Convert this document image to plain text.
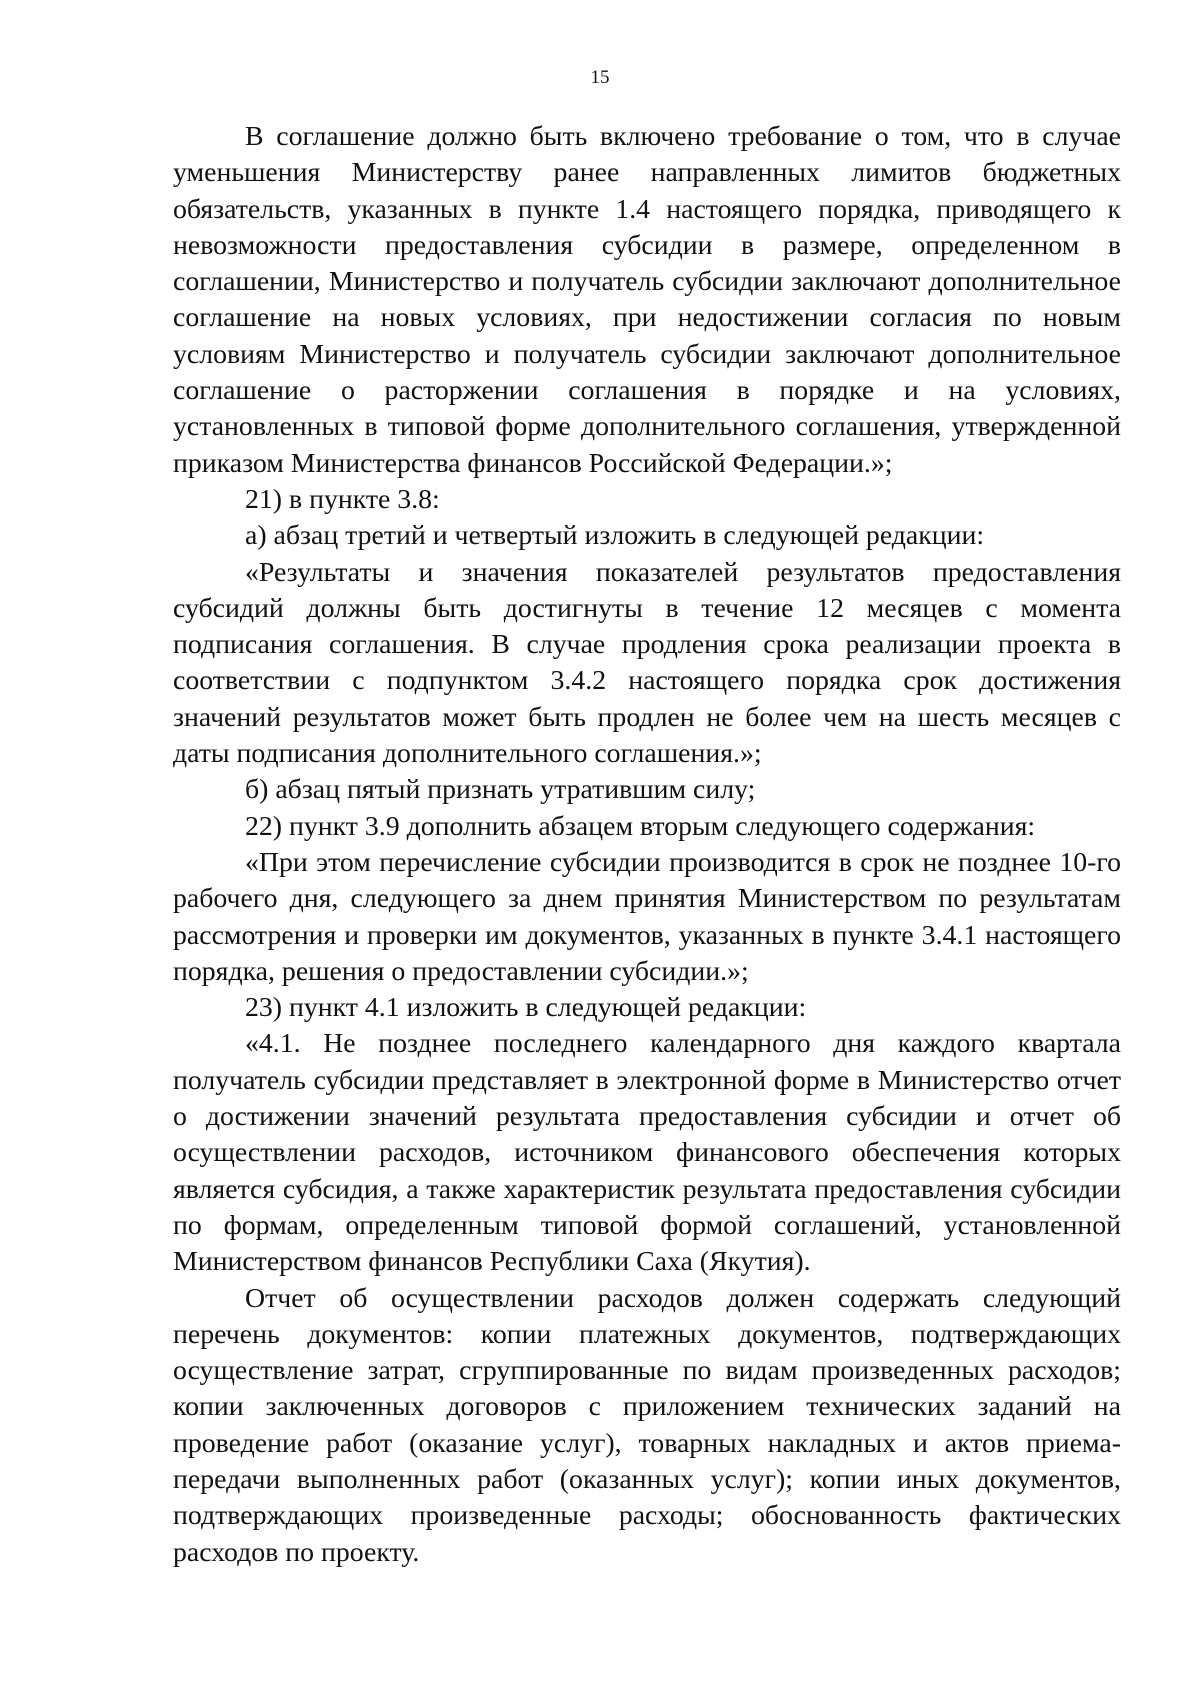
15

В соглашение должно быть включено требование о том, что в случае уменьшения Министерству ранее направленных лимитов бюджетных обязательств, указанных в пункте 1.4 настоящего порядка, приводящего к невозможности предоставления субсидии в размере, определенном в соглашении, Министерство и получатель субсидии заключают дополнительное соглашение на новых условиях, при недостижении согласия по новым условиям Министерство и получатель субсидии заключают дополнительное соглашение о расторжении соглашения в порядке и на условиях, установленных в типовой форме дополнительного соглашения, утвержденной приказом Министерства финансов Российской Федерации.»;

21) в пункте 3.8:

а) абзац третий и четвертый изложить в следующей редакции:

«Результаты и значения показателей результатов предоставления субсидий должны быть достигнуты в течение 12 месяцев с момента подписания соглашения. В случае продления срока реализации проекта в соответствии с подпунктом 3.4.2 настоящего порядка срок достижения значений результатов может быть продлен не более чем на шесть месяцев с даты подписания дополнительного соглашения.»;

б) абзац пятый признать утратившим силу;

22) пункт 3.9 дополнить абзацем вторым следующего содержания:

«При этом перечисление субсидии производится в срок не позднее 10-го рабочего дня, следующего за днем принятия Министерством по результатам рассмотрения и проверки им документов, указанных в пункте 3.4.1 настоящего порядка, решения о предоставлении субсидии.»;

23) пункт 4.1 изложить в следующей редакции:

«4.1. Не позднее последнего календарного дня каждого квартала получатель субсидии представляет в электронной форме в Министерство отчет о достижении значений результата предоставления субсидии и отчет об осуществлении расходов, источником финансового обеспечения которых является субсидия, а также характеристик результата предоставления субсидии по формам, определенным типовой формой соглашений, установленной Министерством финансов Республики Саха (Якутия).

Отчет об осуществлении расходов должен содержать следующий перечень документов: копии платежных документов, подтверждающих осуществление затрат, сгруппированные по видам произведенных расходов; копии заключенных договоров с приложением технических заданий на проведение работ (оказание услуг), товарных накладных и актов приема-передачи выполненных работ (оказанных услуг); копии иных документов, подтверждающих произведенные расходы; обоснованность фактических расходов по проекту.
